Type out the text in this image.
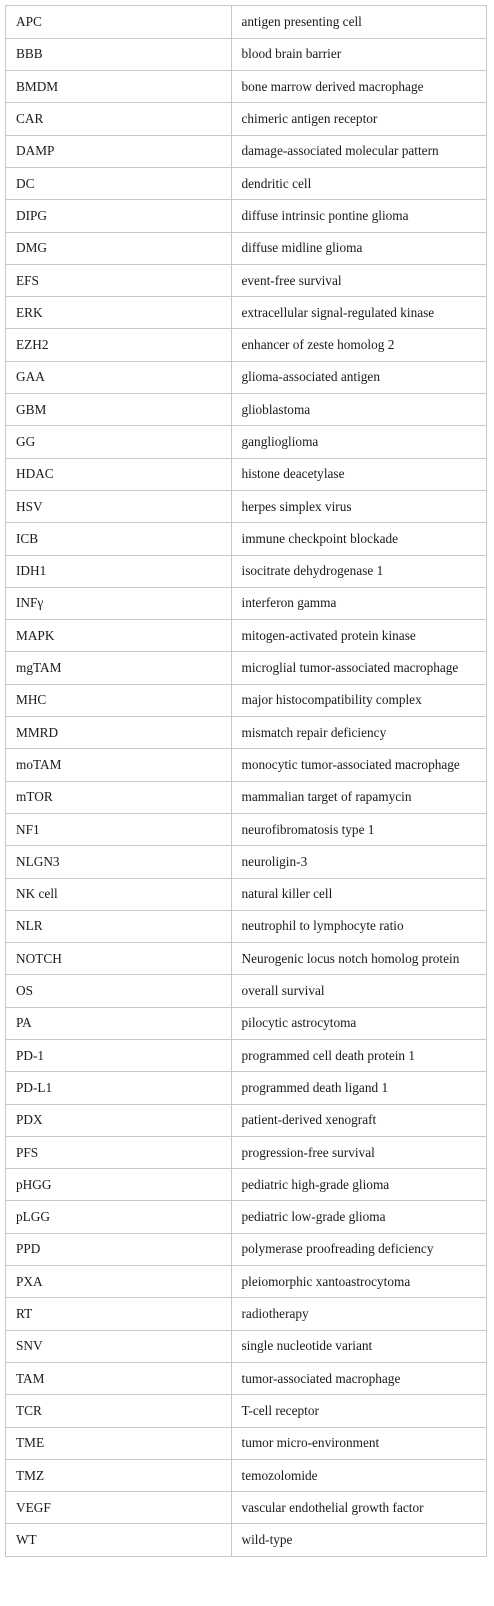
APC	antigen presenting cell
BBB	blood brain barrier
BMDM	bone marrow derived macrophage
CAR	chimeric antigen receptor
DAMP	damage-associated molecular pattern
DC	dendritic cell
DIPG	diffuse intrinsic pontine glioma
DMG	diffuse midline glioma
EFS	event-free survival
ERK	extracellular signal-regulated kinase
EZH2	enhancer of zeste homolog 2
GAA	glioma-associated antigen
GBM	glioblastoma
GG	ganglioglioma
HDAC	histone deacetylase
HSV	herpes simplex virus
ICB	immune checkpoint blockade
IDH1	isocitrate dehydrogenase 1
INFγ	interferon gamma
MAPK	mitogen-activated protein kinase
mgTAM	microglial tumor-associated macrophage
MHC	major histocompatibility complex
MMRD	mismatch repair deficiency
moTAM	monocytic tumor-associated macrophage
mTOR	mammalian target of rapamycin
NF1	neurofibromatosis type 1
NLGN3	neuroligin-3
NK cell	natural killer cell
NLR	neutrophil to lymphocyte ratio
NOTCH	Neurogenic locus notch homolog protein
OS	overall survival
PA	pilocytic astrocytoma
PD-1	programmed cell death protein 1
PD-L1	programmed death ligand 1
PDX	patient-derived xenograft
PFS	progression-free survival
pHGG	pediatric high-grade glioma
pLGG	pediatric low-grade glioma
PPD	polymerase proofreading deficiency
PXA	pleiomorphic xantoastrocytoma
RT	radiotherapy
SNV	single nucleotide variant
TAM	tumor-associated macrophage
TCR	T-cell receptor
TME	tumor micro-environment
TMZ	temozolomide
VEGF	vascular endothelial growth factor
WT	wild-type
